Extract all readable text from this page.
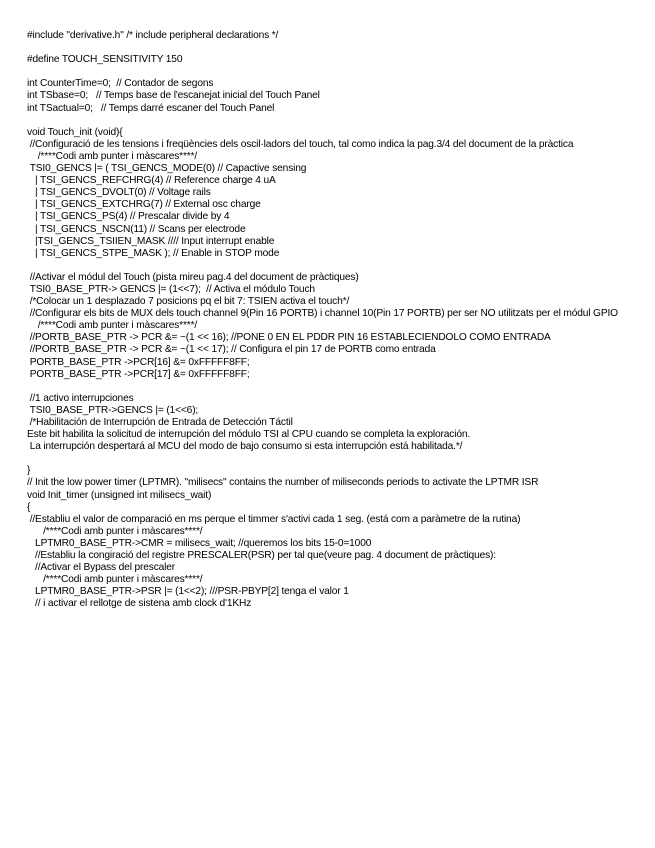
#include "derivative.h" /* include peripheral declarations */
#define TOUCH_SENSITIVITY 150
int CounterTime=0;  // Contador de segons
int TSbase=0;   // Temps base de l'escanejat inicial del Touch Panel
int TSactual=0;   // Temps darré escaner del Touch Panel
void Touch_init (void){
//Configuració de les tensions i freqüències dels oscil·ladors del touch, tal como indica la pag.3/4 del document de la pràctica
/****Codi amb punter i màscares****/
TSI0_GENCS |= ( TSI_GENCS_MODE(0) // Capactive sensing
| TSI_GENCS_REFCHRG(4) // Reference charge 4 uA
| TSI_GENCS_DVOLT(0) // Voltage rails
| TSI_GENCS_EXTCHRG(7) // External osc charge
| TSI_GENCS_PS(4) // Prescalar divide by 4
| TSI_GENCS_NSCN(11) // Scans per electrode
|TSI_GENCS_TSIIEN_MASK //// Input interrupt enable
| TSI_GENCS_STPE_MASK ); // Enable in STOP mode
//Activar el módul del Touch (pista mireu pag.4 del document de pràctiques)
TSI0_BASE_PTR-> GENCS |= (1<<7);  // Activa el módulo Touch
/*Colocar un 1 desplazado 7 posicions pq el bit 7: TSIEN activa el touch*/
//Configurar els bits de MUX dels touch channel 9(Pin 16 PORTB) i channel 10(Pin 17 PORTB) per ser NO utilitzats per el módul GPIO
/****Codi amb punter i màscares****/
//PORTB_BASE_PTR -> PCR &= ~(1 << 16); //PONE 0 EN EL PDDR PIN 16 ESTABLECIENDOLO COMO ENTRADA
//PORTB_BASE_PTR -> PCR &= ~(1 << 17); // Configura el pin 17 de PORTB como entrada
PORTB_BASE_PTR ->PCR[16] &= 0xFFFFF8FF;
PORTB_BASE_PTR ->PCR[17] &= 0xFFFFF8FF;
//1 activo interrupciones
TSI0_BASE_PTR->GENCS |= (1<<6);
/*Habilitación de Interrupción de Entrada de Detección Táctil
Este bit habilita la solicitud de interrupción del módulo TSI al CPU cuando se completa la exploración.
La interrupción despertará al MCU del modo de bajo consumo si esta interrupción está habilitada.*/
}
// Init the low power timer (LPTMR). "milisecs" contains the number of miliseconds periods to activate the LPTMR ISR
void Init_timer (unsigned int milisecs_wait)
{
//Establiu el valor de comparació en ms perque el timmer s'activi cada 1 seg. (está com a paràmetre de la rutina)
/****Codi amb punter i màscares****/
LPTMR0_BASE_PTR->CMR = milisecs_wait; //queremos los bits 15-0=1000
//Establiu la congiració del registre PRESCALER(PSR) per tal que(veure pag. 4 document de pràctiques):
//Activar el Bypass del prescaler
/****Codi amb punter i màscares****/
LPTMR0_BASE_PTR->PSR |= (1<<2); ///PSR-PBYP[2] tenga el valor 1
// i activar el rellotge de sistena amb clock d'1KHz
